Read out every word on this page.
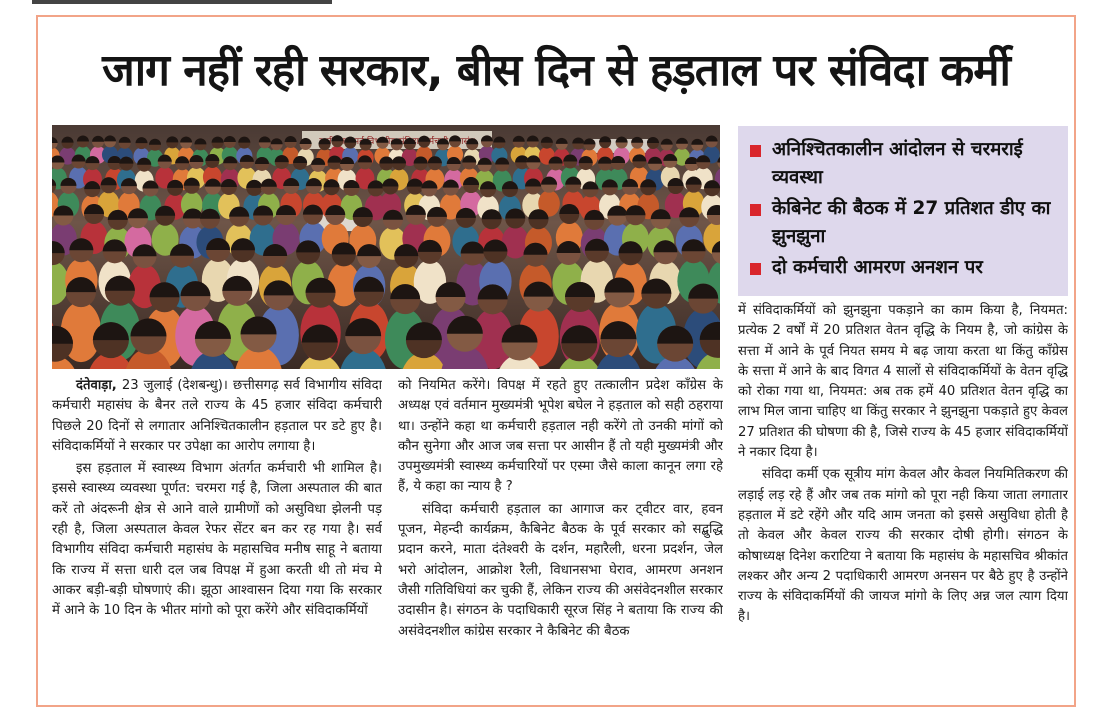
जाग नहीं रही सरकार, बीस दिन से हड़ताल पर संविदा कर्मी
सर्व कर्मचारी महासंघ	अनिश्चितकालीन आंदोलन से चरमराई व्यवस्था
केबिनेट की बैठक में 27 प्रतिशत डीए का झुनझुना
दो कर्मचारी आमरण अनशन पर

दंतेवाड़ा, 23 जुलाई (देशबन्धु)। छत्तीसगढ़ सर्व विभागीय संविदा कर्मचारी महासंघ के बैनर तले राज्य के 45 हजार संविदा कर्मचारी पिछले 20 दिनों से लगातार अनिश्चितकालीन हड़ताल पर डटे हुए है। संविदाकर्मियों ने सरकार पर उपेक्षा का आरोप लगाया है।

इस हड़ताल में स्वास्थ्य विभाग अंतर्गत कर्मचारी भी शामिल है। इससे स्वास्थ्य व्यवस्था पूर्णत: चरमरा गई है, जिला अस्पताल की बात करें तो अंदरूनी क्षेत्र से आने वाले ग्रामीणों को असुविधा झेलनी पड़ रही है, जिला अस्पताल केवल रेफर सेंटर बन कर रह गया है। सर्व विभागीय संविदा कर्मचारी महासंघ के महासचिव मनीष साहू ने बताया कि राज्य में सत्ता धारी दल जब विपक्ष में हुआ करती थी तो मंच मे आकर बड़ी-बड़ी घोषणाएं की। झूठा आश्वासन दिया गया कि सरकार में आने के 10 दिन के भीतर मांगो को पूरा करेंगे और संविदाकर्मियों

को नियमित करेंगे। विपक्ष में रहते हुए तत्कालीन प्रदेश कॉंग्रेस के अध्यक्ष एवं वर्तमान मुख्यमंत्री भूपेश बघेल ने हड़ताल को सही ठहराया था। उन्होंने कहा था कर्मचारी हड़ताल नही करेंगे तो उनकी मांगों को कौन सुनेगा और आज जब सत्ता पर आसीन हैं तो यही मुख्यमंत्री और उपमुख्यमंत्री स्वास्थ्य कर्मचारियों पर एस्मा जैसे काला कानून लगा रहे हैं, ये कहा का न्याय है ?

संविदा कर्मचारी हड़ताल का आगाज कर ट्वीटर वार, हवन पूजन, मेहन्दी कार्यक्रम, कैबिनेट बैठक के पूर्व सरकार को सद्बुद्धि प्रदान करने, माता दंतेश्वरी के दर्शन, महारैली, धरना प्रदर्शन, जेल भरो आंदोलन, आक्रोश रैली, विधानसभा घेराव, आमरण अनशन जैसी गतिविधियां कर चुकी हैं, लेकिन राज्य की असंवेदनशील सरकार उदासीन है। संगठन के पदाधिकारी सूरज सिंह ने बताया कि राज्य की असंवेदनशील कांग्रेस सरकार ने कैबिनेट की बैठक

में संविदाकर्मियों को झुनझुना पकड़ाने का काम किया है, नियमत: प्रत्येक 2 वर्षों में 20 प्रतिशत वेतन वृद्धि के नियम है, जो कांग्रेस के सत्ता में आने के पूर्व नियत समय मे बढ़ जाया करता था किंतु कॉंग्रेस के सत्ता में आने के बाद विगत 4 सालों से संविदाकर्मियों के वेतन वृद्धि को रोका गया था, नियमत: अब तक हमें 40 प्रतिशत वेतन वृद्धि का लाभ मिल जाना चाहिए था किंतु सरकार ने झुनझुना पकड़ाते हुए केवल 27 प्रतिशत की घोषणा की है, जिसे राज्य के 45 हजार संविदाकर्मियों ने नकार दिया है।

संविदा कर्मी एक सूत्रीय मांग केवल और केवल नियमितिकरण की लड़ाई लड़ रहे हैं और जब तक मांगो को पूरा नही किया जाता लगातार हड़ताल में डटे रहेंगे और यदि आम जनता को इससे असुविधा होती है तो केवल और केवल राज्य की सरकार दोषी होगी। संगठन के कोषाध्यक्ष दिनेश कराटिया ने बताया कि महासंघ के महासचिव श्रीकांत लश्कर और अन्य 2 पदाधिकारी आमरण अनसन पर बैठे हुए है उन्होंने राज्य के संविदाकर्मियों की जायज मांगो के लिए अन्न जल त्याग दिया है।
